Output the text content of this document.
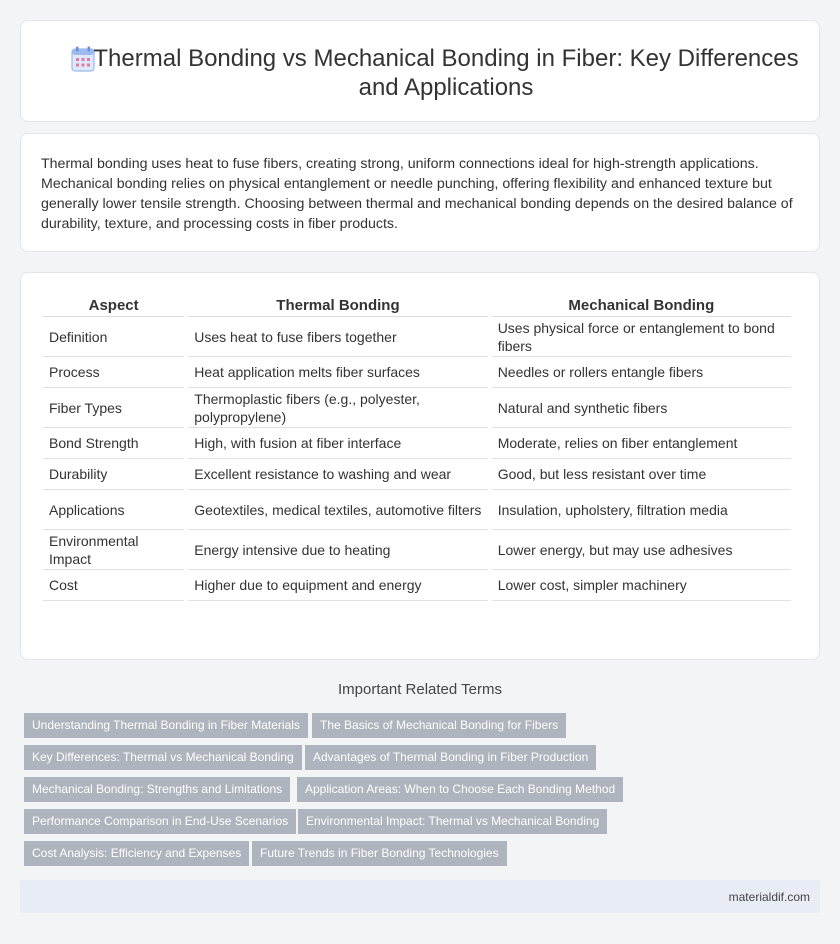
Thermal Bonding vs Mechanical Bonding in Fiber: Key Differences and Applications

Thermal bonding uses heat to fuse fibers, creating strong, uniform connections ideal for high-strength applications. Mechanical bonding relies on physical entanglement or needle punching, offering flexibility and enhanced texture but generally lower tensile strength. Choosing between thermal and mechanical bonding depends on the desired balance of durability, texture, and processing costs in fiber products.

Aspect	Thermal Bonding	Mechanical Bonding
Definition	Uses heat to fuse fibers together	Uses physical force or entanglement to bond fibers
Process	Heat application melts fiber surfaces	Needles or rollers entangle fibers
Fiber Types	Thermoplastic fibers (e.g., polyester, polypropylene)	Natural and synthetic fibers
Bond Strength	High, with fusion at fiber interface	Moderate, relies on fiber entanglement
Durability	Excellent resistance to washing and wear	Good, but less resistant over time
Applications	Geotextiles, medical textiles, automotive filters	Insulation, upholstery, filtration media
Environmental Impact	Energy intensive due to heating	Lower energy, but may use adhesives
Cost	Higher due to equipment and energy	Lower cost, simpler machinery
Important Related Terms
Understanding Thermal Bonding in Fiber Materials	The Basics of Mechanical Bonding for Fibers
Key Differences: Thermal vs Mechanical Bonding	Advantages of Thermal Bonding in Fiber Production
Mechanical Bonding: Strengths and Limitations	Application Areas: When to Choose Each Bonding Method
Performance Comparison in End-Use Scenarios	Environmental Impact: Thermal vs Mechanical Bonding
Cost Analysis: Efficiency and Expenses	Future Trends in Fiber Bonding Technologies
materialdif.com
